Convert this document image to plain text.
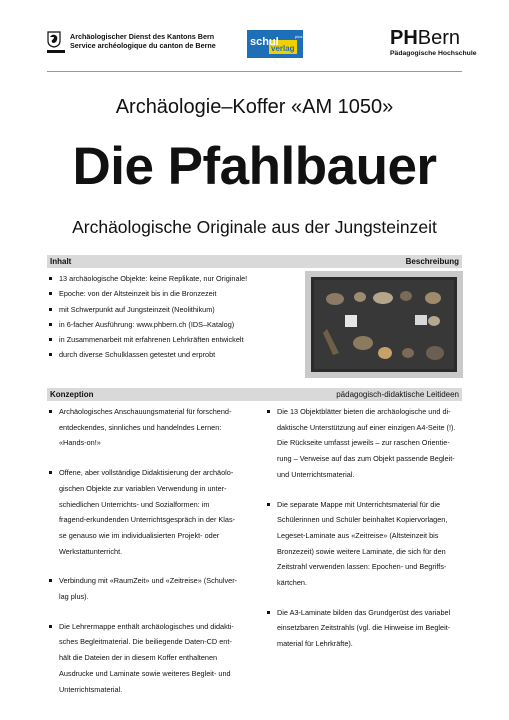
Archäologischer Dienst des Kantons Bern
Service archéologique du canton de Berne	schul
verlag
plus	PHBern
Pädagogische Hochschule
Archäologie–Koffer «AM 1050»
Die Pfahlbauer
Archäologische Originale aus der Jungsteinzeit
Inhalt	Beschreibung
13 archäologische Objekte: keine Replikate, nur Originale!
Epoche: von der Altsteinzeit bis in die Bronzezeit
mit Schwerpunkt auf Jungsteinzeit (Neolithikum)
in 6-facher Ausführung: www.phbern.ch (IDS–Katalog)
in Zusammenarbeit mit erfahrenen Lehrkräften entwickelt
durch diverse Schulklassen getestet und erprobt
Konzeption	pädagogisch-didaktische Leitideen
Archäologisches Anschauungsmaterial für forschend-
entdeckendes, sinnliches und handelndes Lernen:
«Hands-on!»
Offene, aber vollständige Didaktisierung der archäolo-
gischen Objekte zur variablen Verwendung in unter-
schiedlichen Unterrichts- und Sozialformen: im
fragend-erkundenden Unterrichtsgespräch in der Klas-
se genauso wie im individualisierten Projekt- oder
Werkstattunterricht.
Verbindung mit «RaumZeit» und «Zeitreise» (Schulver-
lag plus).
Die Lehrermappe enthält archäologisches und didakti-
sches Begleitmaterial. Die beiliegende Daten-CD ent-
hält die Dateien der in diesem Koffer enthaltenen
Ausdrucke und Laminate sowie weiteres Begleit- und
Unterrichtsmaterial.
Die 13 Objektblätter bieten die archäologische und di-
daktische Unterstützung auf einer einzigen A4-Seite (!).
Die Rückseite umfasst jeweils – zur raschen Orientie-
rung – Verweise auf das zum Objekt passende Begleit-
und Unterrichtsmaterial.
Die separate Mappe mit Unterrichtsmaterial für die
Schülerinnen und Schüler beinhaltet Kopiervorlagen,
Legeset-Laminate aus «Zeitreise» (Altsteinzeit bis
Bronzezeit) sowie weitere Laminate, die sich für den
Zeitstrahl verwenden lassen: Epochen- und Begriffs-
kärtchen.
Die A3-Laminate bilden das Grundgerüst des variabel
einsetzbaren Zeitstrahls (vgl. die Hinweise im Begleit-
material für Lehrkräfte).
